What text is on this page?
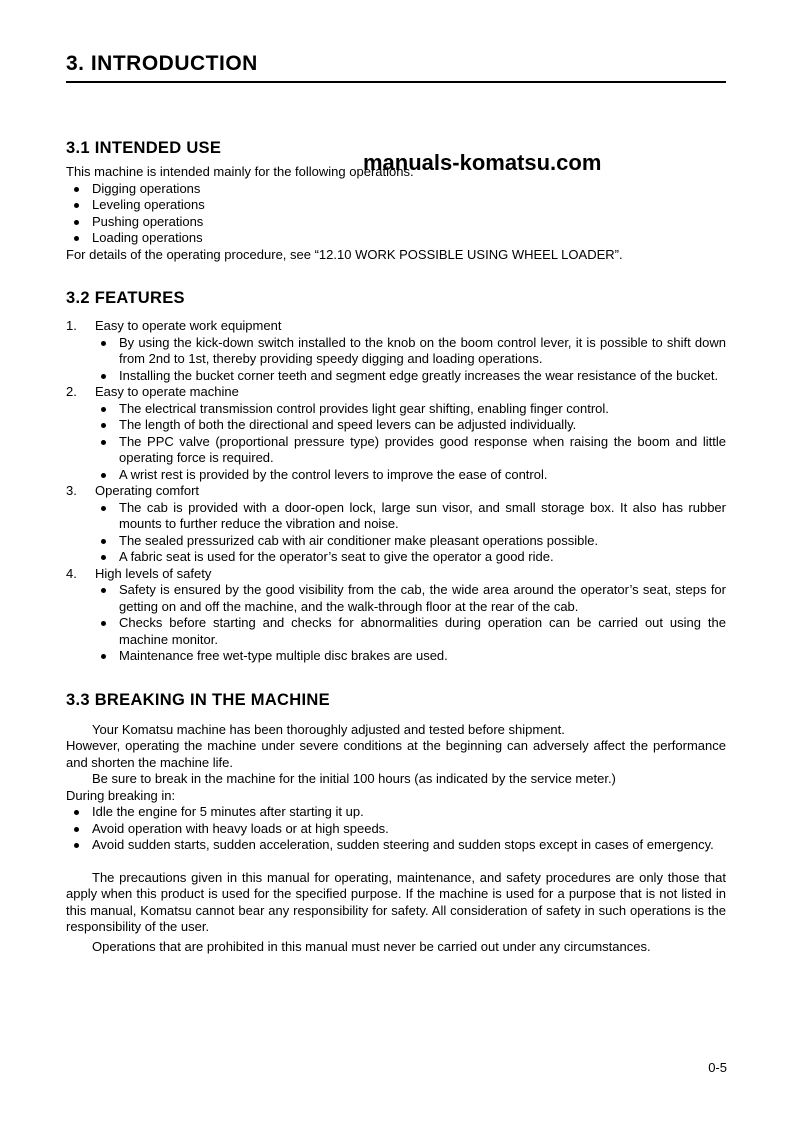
manuals-komatsu.com
3. INTRODUCTION
3.1 INTENDED USE

This machine is intended mainly for the following operations.

Digging operations
Leveling operations
Pushing operations
Loading operations

For details of the operating procedure, see “12.10 WORK POSSIBLE USING WHEEL LOADER”.

3.2 FEATURES
1.	Easy to operate work equipment
By using the kick-down switch installed to the knob on the boom control lever, it is possible to shift down from 2nd to 1st, thereby providing speedy digging and loading operations.
Installing the bucket corner teeth and segment edge greatly increases the wear resistance of the bucket.
2.	Easy to operate machine
The electrical transmission control provides light gear shifting, enabling finger control.
The length of both the directional and speed levers can be adjusted individually.
The PPC valve (proportional pressure type) provides good response when raising the boom and little operating force is required.
A wrist rest is provided by the control levers to improve the ease of control.
3.	Operating comfort
The cab is provided with a door-open lock, large sun visor, and small storage box. It also has rubber mounts to further reduce the vibration and noise.
The sealed pressurized cab with air conditioner make pleasant operations possible.
A fabric seat is used for the operator’s seat to give the operator a good ride.
4.	High levels of safety
Safety is ensured by the good visibility from the cab, the wide area around the operator’s seat, steps for getting on and off the machine, and the walk-through floor at the rear of the cab.
Checks before starting and checks for abnormalities during operation can be carried out using the machine monitor.
Maintenance free wet-type multiple disc brakes are used.
3.3 BREAKING IN THE MACHINE

Your Komatsu machine has been thoroughly adjusted and tested before shipment.

However, operating the machine under severe conditions at the beginning can adversely affect the performance and shorten the machine life.

Be sure to break in the machine for the initial 100 hours (as indicated by the service meter.)

During breaking in:

Idle the engine for 5 minutes after starting it up.
Avoid operation with heavy loads or at high speeds.
Avoid sudden starts, sudden acceleration, sudden steering and sudden stops except in cases of emergency.

The precautions given in this manual for operating, maintenance, and safety procedures are only those that apply when this product is used for the specified purpose. If the machine is used for a purpose that is not listed in this manual, Komatsu cannot bear any responsibility for safety. All consideration of safety in such operations is the responsibility of the user.

Operations that are prohibited in this manual must never be carried out under any circumstances.

0-5
